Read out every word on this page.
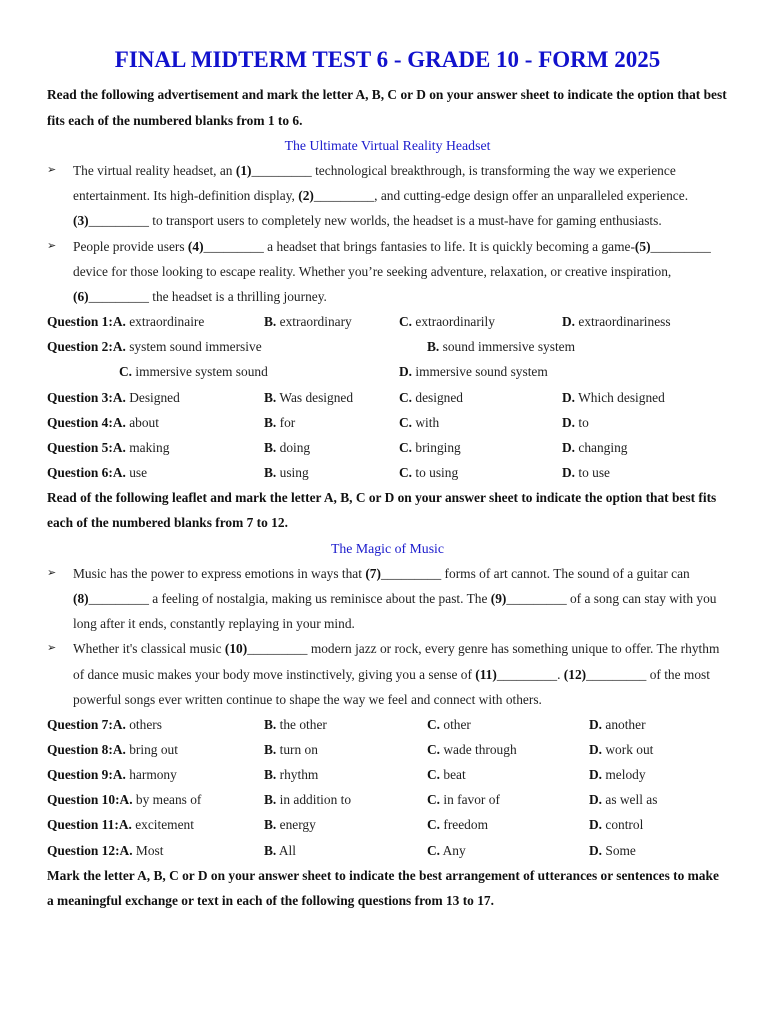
FINAL MIDTERM TEST 6 - GRADE 10 - FORM 2025
Read the following advertisement and mark the letter A, B, C or D on your answer sheet to indicate the option that best fits each of the numbered blanks from 1 to 6.
The Ultimate Virtual Reality Headset
➢	The virtual reality headset, an (1)_________ technological breakthrough, is transforming the way we experience entertainment. Its high-definition display, (2)_________, and cutting-edge design offer an unparalleled experience. (3)_________ to transport users to completely new worlds, the headset is a must-have for gaming enthusiasts.
➢	People provide users (4)_________ a headset that brings fantasies to life. It is quickly becoming a game-(5)_________ device for those looking to escape reality. Whether you’re seeking adventure, relaxation, or creative inspiration, (6)_________ the headset is a thrilling journey.
Question 1:A. extraordinaire	B. extraordinary	C. extraordinarily	D. extraordinariness
Question 2:A. system sound immersive	B. sound immersive system
C. immersive system sound	D. immersive sound system
Question 3:A. Designed	B. Was designed	C. designed	D. Which designed
Question 4:A. about	B. for	C. with	D. to
Question 5:A. making	B. doing	C. bringing	D. changing
Question 6:A. use	B. using	C. to using	D. to use
Read of the following leaflet and mark the letter A, B, C or D on your answer sheet to indicate the option that best fits each of the numbered blanks from 7 to 12.
The Magic of Music
➢	Music has the power to express emotions in ways that (7)_________ forms of art cannot. The sound of a guitar can (8)_________ a feeling of nostalgia, making us reminisce about the past. The (9)_________ of a song can stay with you long after it ends, constantly replaying in your mind.
➢	Whether it's classical music (10)_________ modern jazz or rock, every genre has something unique to offer. The rhythm of dance music makes your body move instinctively, giving you a sense of (11)_________. (12)_________ of the most powerful songs ever written continue to shape the way we feel and connect with others.
Question 7:A. others	B. the other	C. other	D. another
Question 8:A. bring out	B. turn on	C. wade through	D. work out
Question 9:A. harmony	B. rhythm	C. beat	D. melody
Question 10:A. by means of	B. in addition to	C. in favor of	D. as well as
Question 11:A. excitement	B. energy	C. freedom	D. control
Question 12:A. Most	B. All	C. Any	D. Some
Mark the letter A, B, C or D on your answer sheet to indicate the best arrangement of utterances or sentences to make a meaningful exchange or text in each of the following questions from 13 to 17.
